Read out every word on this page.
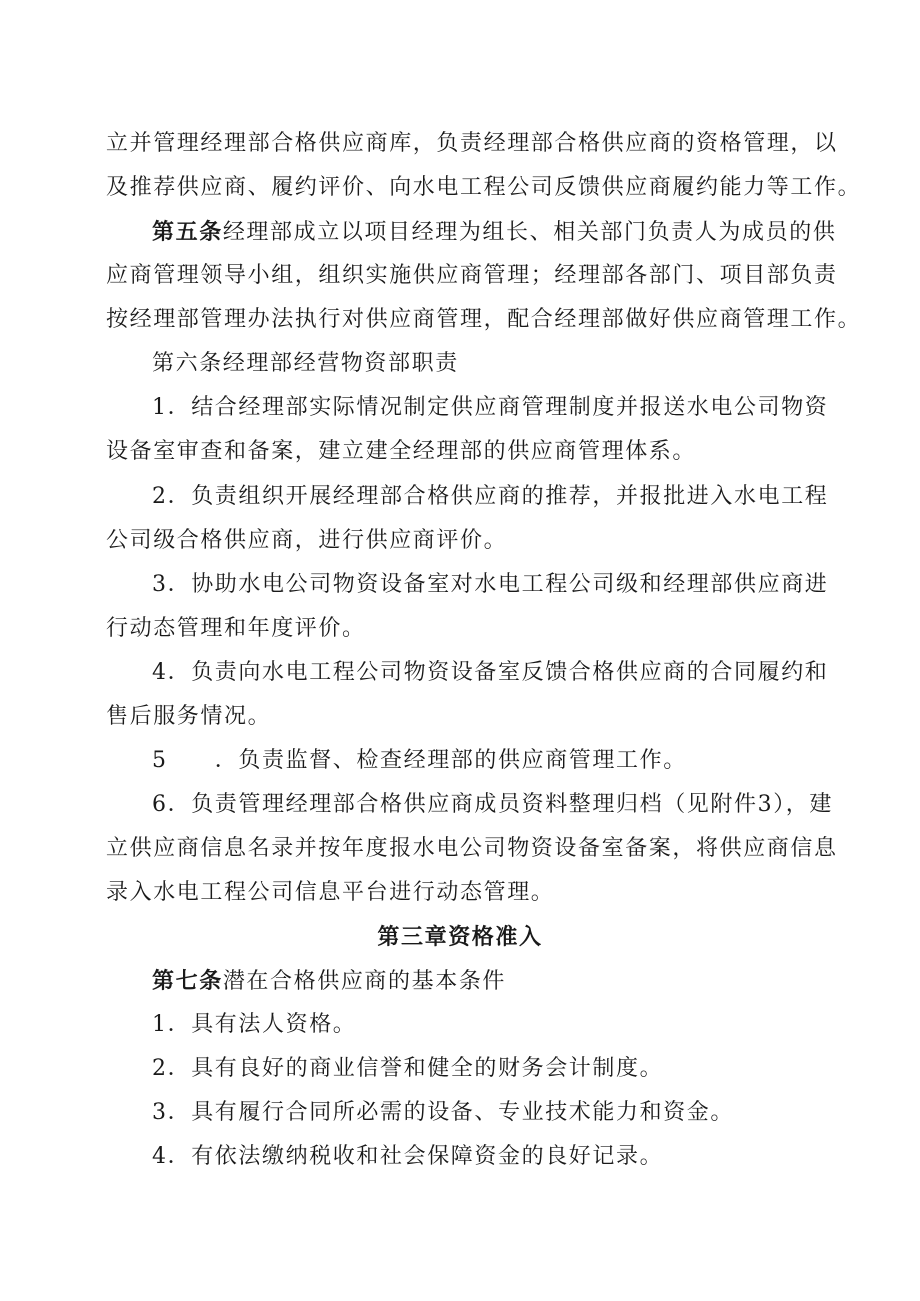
立并管理经理部合格供应商库，负责经理部合格供应商的资格管理，以
及推荐供应商、履约评价、向水电工程公司反馈供应商履约能力等工作。
第五条经理部成立以项目经理为组长、相关部门负责人为成员的供
应商管理领导小组，组织实施供应商管理；经理部各部门、项目部负责
按经理部管理办法执行对供应商管理，配合经理部做好供应商管理工作。
第六条经理部经营物资部职责
1．结合经理部实际情况制定供应商管理制度并报送水电公司物资
设备室审查和备案，建立建全经理部的供应商管理体系。
2．负责组织开展经理部合格供应商的推荐，并报批进入水电工程
公司级合格供应商，进行供应商评价。
3．协助水电公司物资设备室对水电工程公司级和经理部供应商进
行动态管理和年度评价。
4．负责向水电工程公司物资设备室反馈合格供应商的合同履约和
售后服务情况。
5　　．负责监督、检查经理部的供应商管理工作。
6．负责管理经理部合格供应商成员资料整理归档（见附件3），建
立供应商信息名录并按年度报水电公司物资设备室备案，将供应商信息
录入水电工程公司信息平台进行动态管理。
第三章资格准入
第七条潜在合格供应商的基本条件
1．具有法人资格。
2．具有良好的商业信誉和健全的财务会计制度。
3．具有履行合同所必需的设备、专业技术能力和资金。
4．有依法缴纳税收和社会保障资金的良好记录。
